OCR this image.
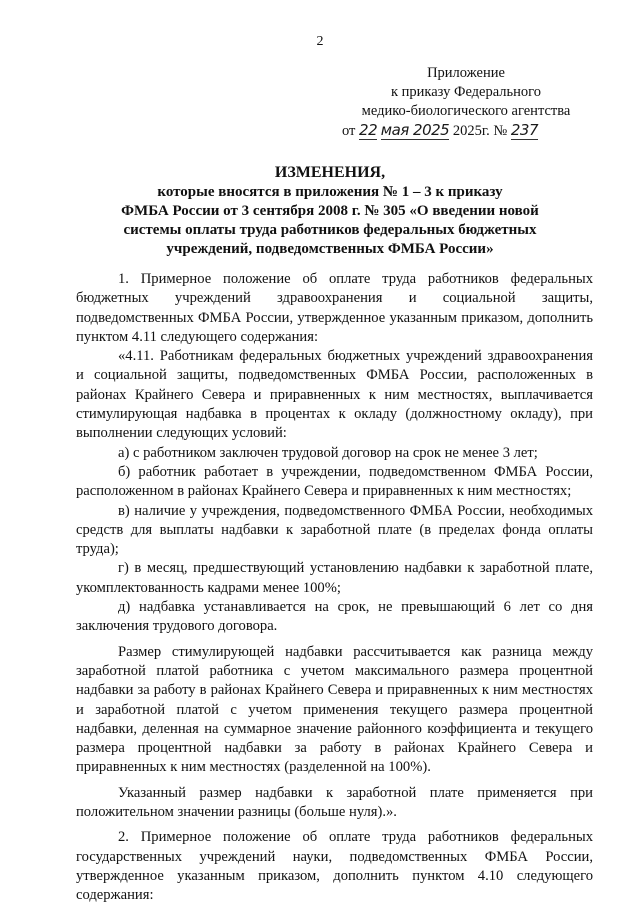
2
Приложение
к приказу Федерального
медико-биологического агентства
от 22 мая 2025 2025г. № 237
ИЗМЕНЕНИЯ,
которые вносятся в приложения № 1 – 3 к приказу
ФМБА России от 3 сентября 2008 г. № 305 «О введении новой
системы оплаты труда работников федеральных бюджетных
учреждений, подведомственных ФМБА России»

1. Примерное положение об оплате труда работников федеральных бюджетных учреждений здравоохранения и социальной защиты, подведомственных ФМБА России, утвержденное указанным приказом, дополнить пунктом 4.11 следующего содержания:

«4.11. Работникам федеральных бюджетных учреждений здравоохранения и социальной защиты, подведомственных ФМБА России, расположенных в районах Крайнего Севера и приравненных к ним местностях, выплачивается стимулирующая надбавка в процентах к окладу (должностному окладу), при выполнении следующих условий:

а) с работником заключен трудовой договор на срок не менее 3 лет;

б) работник работает в учреждении, подведомственном ФМБА России, расположенном в районах Крайнего Севера и приравненных к ним местностях;

в) наличие у учреждения, подведомственного ФМБА России, необходимых средств для выплаты надбавки к заработной плате (в пределах фонда оплаты труда);

г) в месяц, предшествующий установлению надбавки к заработной плате, укомплектованность кадрами менее 100%;

д) надбавка устанавливается на срок, не превышающий 6 лет со дня заключения трудового договора.

Размер стимулирующей надбавки рассчитывается как разница между заработной платой работника с учетом максимального размера процентной надбавки за работу в районах Крайнего Севера и приравненных к ним местностях и заработной платой с учетом применения текущего размера процентной надбавки, деленная на суммарное значение районного коэффициента и текущего размера процентной надбавки за работу в районах Крайнего Севера и приравненных к ним местностях (разделенной на 100%).

Указанный размер надбавки к заработной плате применяется при положительном значении разницы (больше нуля).».

2. Примерное положение об оплате труда работников федеральных государственных учреждений науки, подведомственных ФМБА России, утвержденное указанным приказом, дополнить пунктом 4.10 следующего содержания:
